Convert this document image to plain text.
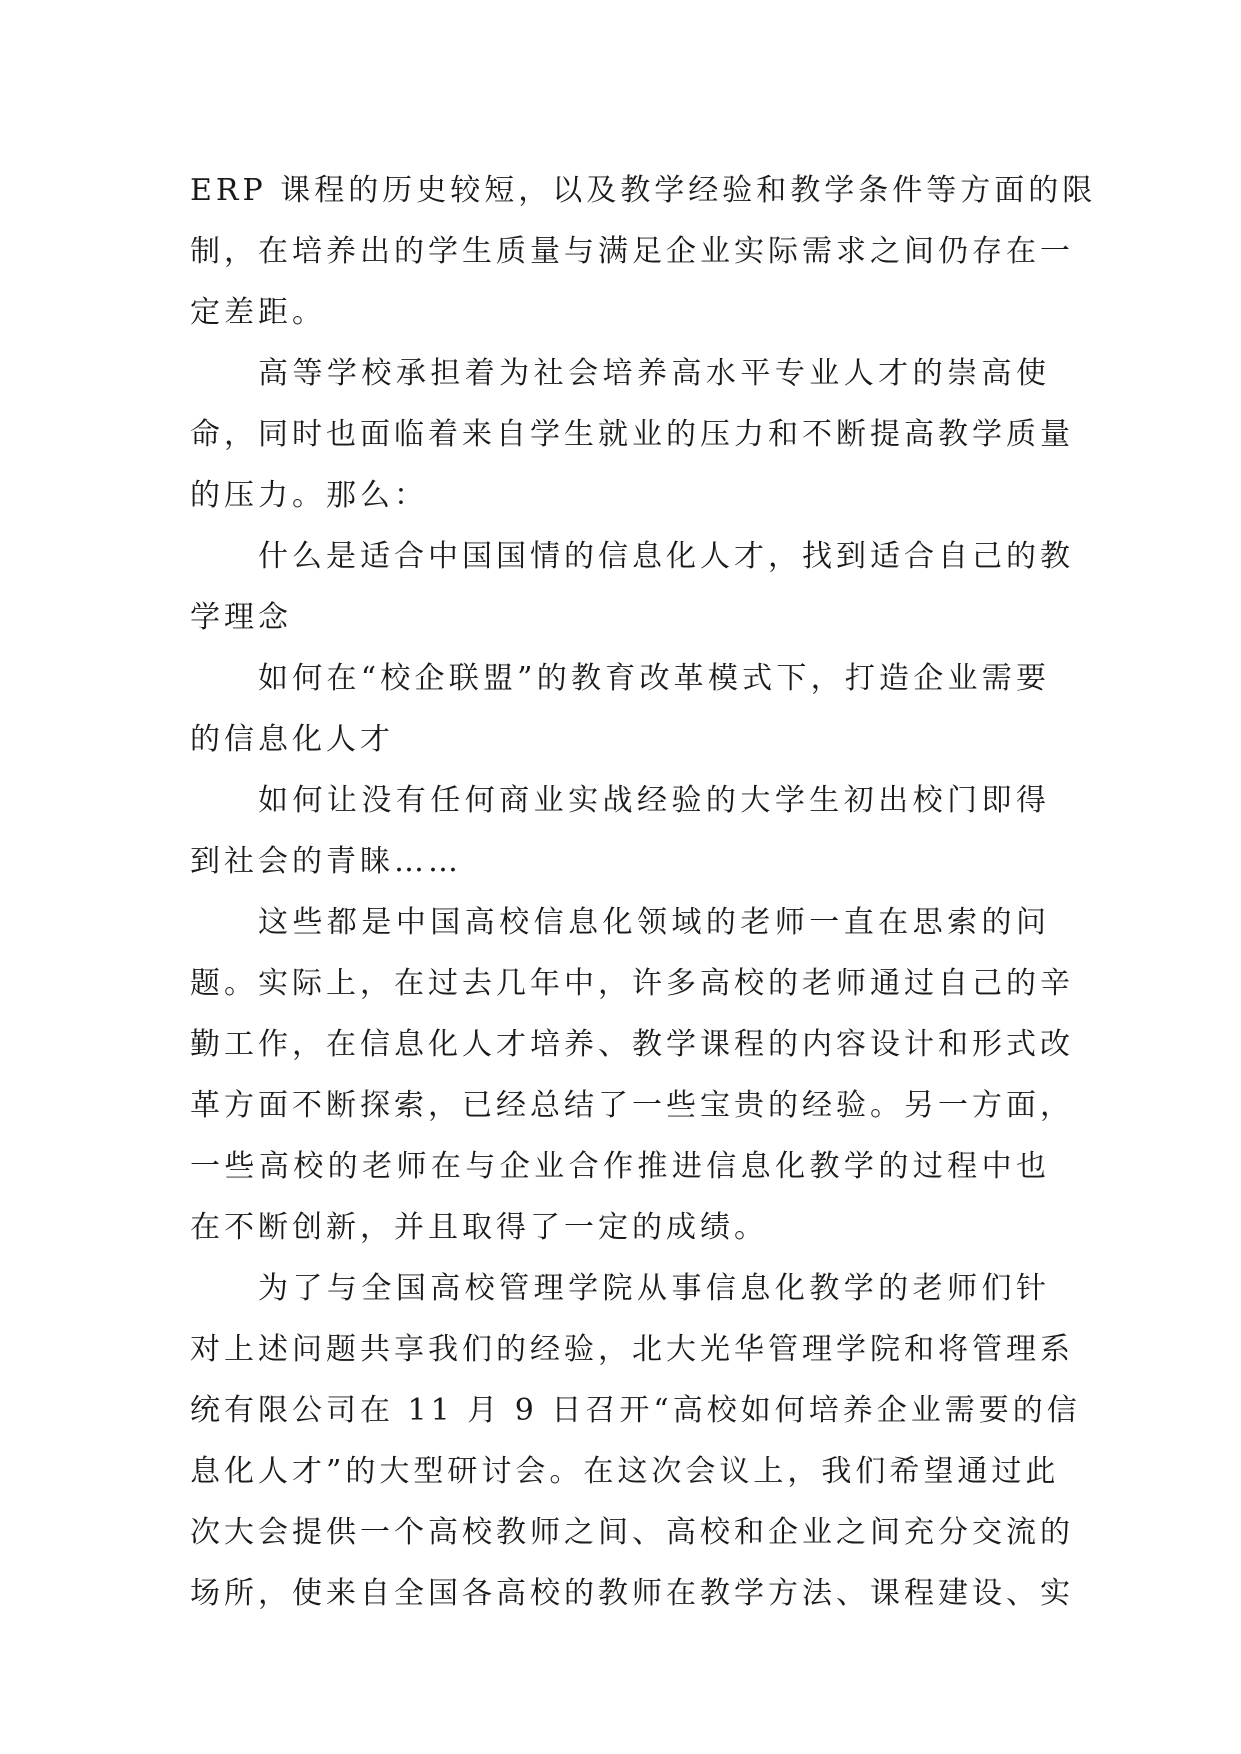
ERP 课程的历史较短，以及教学经验和教学条件等方面的限
制，在培养出的学生质量与满足企业实际需求之间仍存在一
定差距。
高等学校承担着为社会培养高水平专业人才的崇高使
命，同时也面临着来自学生就业的压力和不断提高教学质量
的压力。那么：
什么是适合中国国情的信息化人才，找到适合自己的教
学理念
如何在“校企联盟”的教育改革模式下，打造企业需要
的信息化人才
如何让没有任何商业实战经验的大学生初出校门即得
到社会的青睐……
这些都是中国高校信息化领域的老师一直在思索的问
题。实际上，在过去几年中，许多高校的老师通过自己的辛
勤工作，在信息化人才培养、教学课程的内容设计和形式改
革方面不断探索，已经总结了一些宝贵的经验。另一方面，
一些高校的老师在与企业合作推进信息化教学的过程中也
在不断创新，并且取得了一定的成绩。
为了与全国高校管理学院从事信息化教学的老师们针
对上述问题共享我们的经验，北大光华管理学院和将管理系
统有限公司在 11 月 9 日召开“高校如何培养企业需要的信
息化人才”的大型研讨会。在这次会议上，我们希望通过此
次大会提供一个高校教师之间、高校和企业之间充分交流的
场所，使来自全国各高校的教师在教学方法、课程建设、实
